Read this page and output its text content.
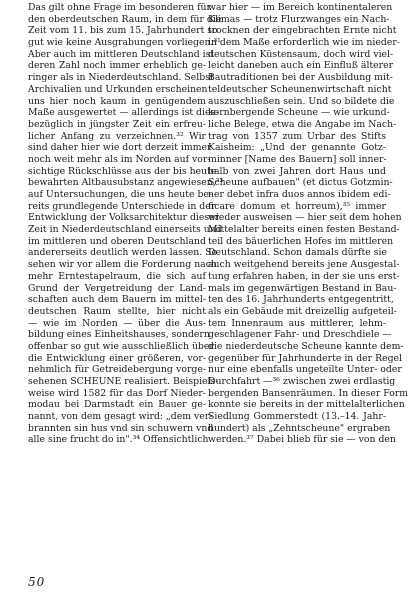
Das gilt ohne Frage im besonderen für
den oberdeutschen Raum, in dem für die
Zeit vom 11. bis zum 15. Jahrhundert so
gut wie keine Ausgrabungen vorliegen.³¹
Aber auch im mittleren Deutschland ist
deren Zahl noch immer erheblich ge-
ringer als in Niederdeutschland. Selbst
Archivalien und Urkunden erscheinen
uns hier noch kaum in genügendem
Maße ausgewertet — allerdings ist dies-
bezüglich in jüngster Zeit ein erfreu-
licher Anfang zu verzeichnen.³² Wir
sind daher hier wie dort derzeit immer
noch weit mehr als im Norden auf vor-
sichtige Rückschlüsse aus der bis heute
bewahrten Altbausubstanz angewiesen,³³
auf Untersuchungen, die uns heute be-
reits grundlegende Unterschiede in der
Entwicklung der Volksarchitektur dieser
Zeit in Niederdeutschland einerseits und
im mittleren und oberen Deutschland
andererseits deutlich werden lassen. So
sehen wir vor allem die Forderung nach
mehr Erntestapelraum, die sich auf
Grund der Vergetreidung der Land-
schaften auch dem Bauern im mittel-
deutschen Raum stellte, hier nicht
— wie im Norden — über die Aus-
bildung eines Einheitshauses, sondern
offenbar so gut wie ausschließlich über
die Entwicklung einer größeren, vor-
nehmlich für Getreidebergung vorge-
sehenen SCHEUNE realisiert. Beispiels-
weise wird 1582 für das Dorf Nieder-
modau bei Darmstadt ein Bauer ge-
nannt, von dem gesagt wird: „dem ver-
brannten sin hus vnd sin schuwern vnd
alle sine frucht do in".³⁴ Offensichtlich
war hier — im Bereich kontinentaleren
Klimas — trotz Flurzwanges ein Nach-
trocknen der eingebrachten Ernte nicht
in dem Maße erforderlich wie im nieder-
deutschen Küstensaum, doch wird viel-
leicht daneben auch ein Einfluß älterer
Bautraditionen bei der Ausbildung mit-
teldeutscher Scheunenwirtschaft nicht
auszuschließen sein. Und so bildete die
kornbergende Scheune — wie urkund-
liche Belege, etwa die Angabe im Nach-
trag von 1357 zum Urbar des Stifts
Kaisheim: „Und der genannte Gotz-
minner [Name des Bauern] soll inner-
halb von zwei Jahren dort Haus und
Scheune aufbauen" (et dictus Gotzmin-
ner debet infra duos annos ibidem edi-
ficare domum et horreum),³⁵ immer
wieder ausweisen — hier seit dem hohen
Mittelalter bereits einen festen Bestand-
teil des bäuerlichen Hofes im mittleren
Deutschland. Schon damals dürfte sie
auch weitgehend bereits jene Ausgestal-
tung erfahren haben, in der sie uns erst-
mals im gegenwärtigen Bestand in Bau-
ten des 16. Jahrhunderts entgegentritt,
als ein Gebäude mit dreizellig aufgeteil-
tem Innenraum aus mittlerer, lehm-
geschlagener Fahr- und Dreschdiele —
die niederdeutsche Scheune kannte dem-
gegenüber für Jahrhunderte in der Regel
nur eine ebenfalls ungeteilte Unter- oder
Durchfahrt —³⁶ zwischen zwei erdlastig
bergenden Bansenräumen. In dieser Form
konnte sie bereits in der mittelalterlichen
Siedlung Gommerstedt (13.–14. Jahr-
hundert) als „Zehntscheune" ergraben
werden.³⁷ Dabei blieb für sie — von den
50
